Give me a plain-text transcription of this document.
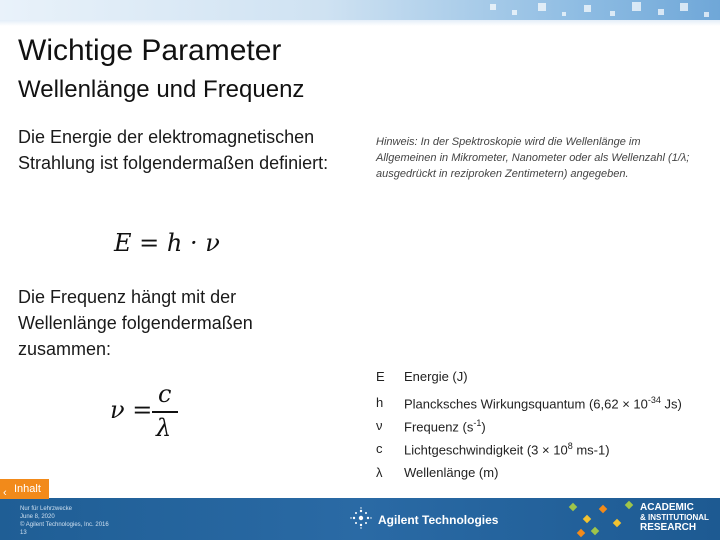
Wichtige Parameter
Wellenlänge und Frequenz
Die Energie der elektromagnetischen Strahlung ist folgendermaßen definiert:
E = h · ν
Die Frequenz hängt mit der Wellenlänge folgendermaßen zusammen:
ν =
c
λ
Hinweis: In der Spektroskopie wird die Wellenlänge im Allgemeinen in Mikrometer, Nanometer oder als Wellenzahl (1/λ; ausgedrückt in reziproken Zentimetern) angegeben.
E	Energie (J)
h	Plancksches Wirkungsquantum ($6,62 \times 10^{-34}$ Js)
ν	Frequenz $(s^{-1})$
c	Lichtgeschwindigkeit ($3 \times 10^8$ ms-1)
λ	Wellenlänge (m)
‹ Inhalt
Nur für Lehrzwecke
June 8, 2020
© Agilent Technologies, Inc. 2016
13
Agilent Technologies
ACADEMIC
& INSTITUTIONAL
RESEARCH
